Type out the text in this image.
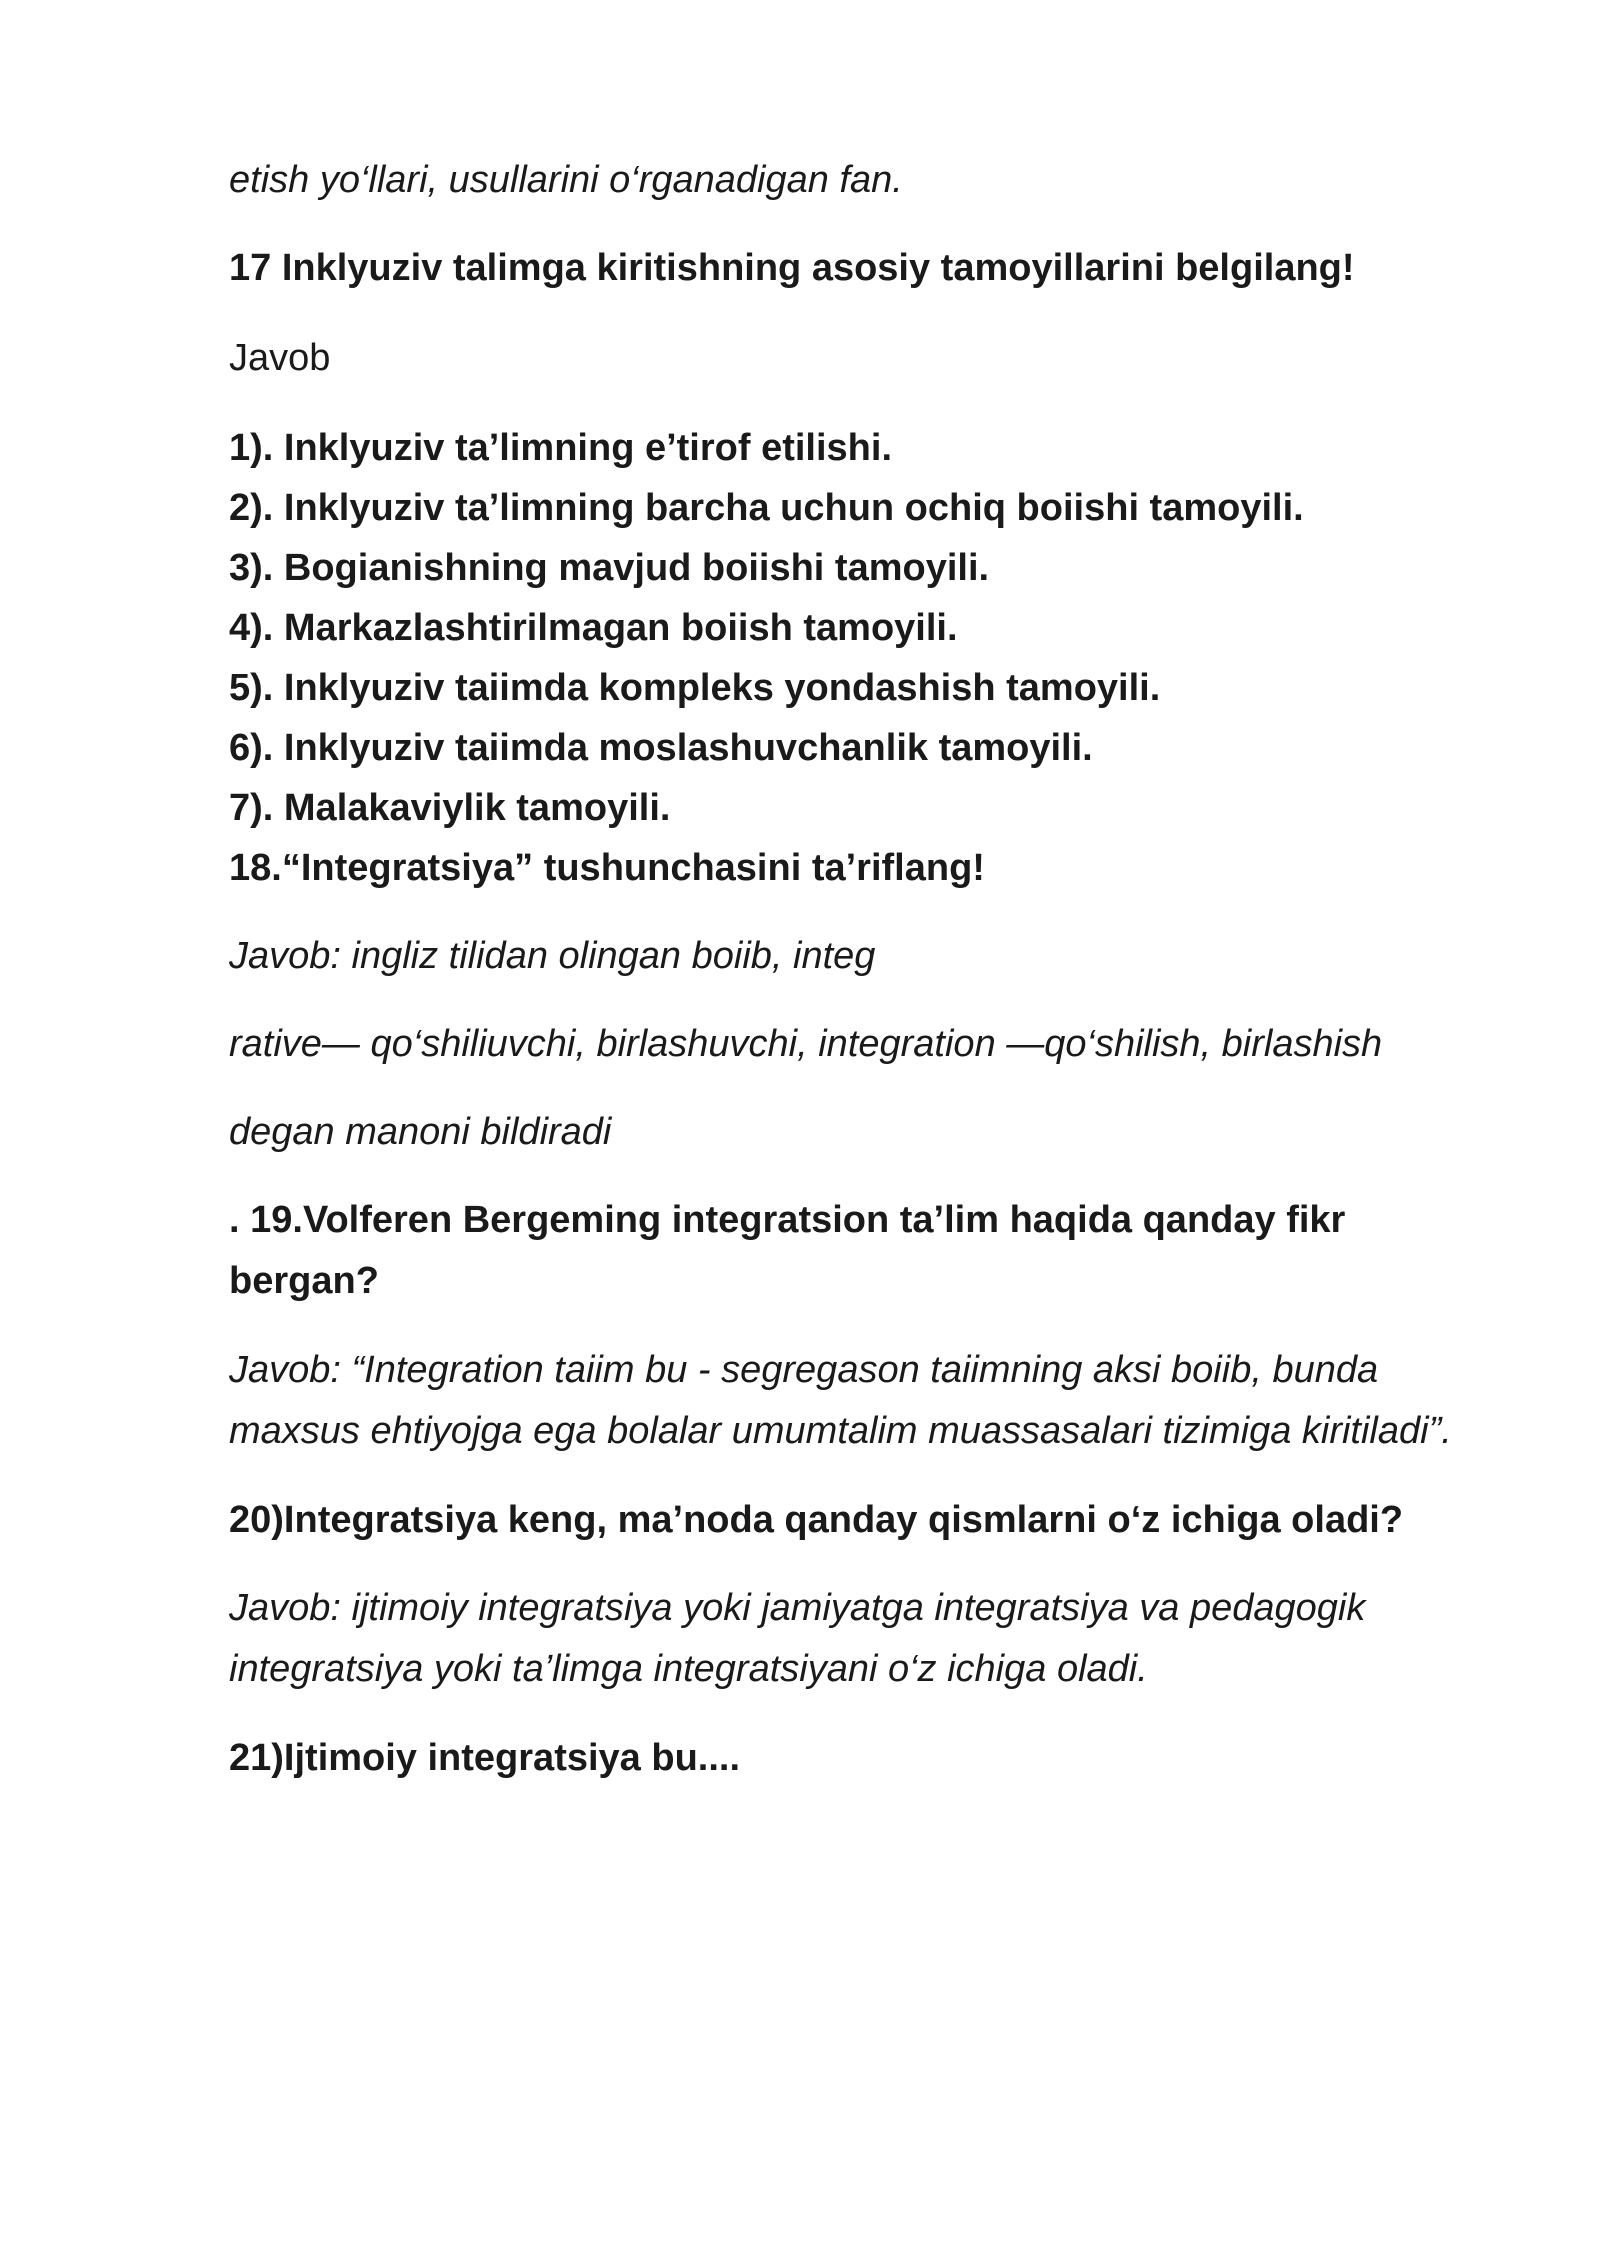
etish yo‘llari, usullarini o‘rganadigan fan.

17 Inklyuziv talimga kiritishning asosiy tamoyillarini belgilang!

Javob

1). Inklyuziv ta’limning e’tirof etilishi.

2). Inklyuziv ta’limning barcha uchun ochiq boiishi tamoyili.

3). Bogianishning mavjud boiishi tamoyili.

4). Markazlashtirilmagan boiish tamoyili.

5). Inklyuziv taiimda kompleks yondashish tamoyili.

6). Inklyuziv taiimda moslashuvchanlik tamoyili.

7). Malakaviylik tamoyili.

18.“Integratsiya” tushunchasini ta’riflang!

Javob: ingliz tilidan olingan boiib, integ

rative— qo‘shiliuvchi, birlashuvchi, integration —qo‘shilish, birlashish

degan manoni bildiradi

. 19.Volferen Bergeming integratsion ta’lim haqida qanday fikr bergan?

Javob: “Integration taiim bu - segregason taiimning aksi boiib, bunda maxsus ehtiyojga ega bolalar umumtalim muassasalari tizimiga kiritiladi”.

20)Integratsiya keng, ma’noda qanday qismlarni o‘z ichiga oladi?

Javob: ijtimoiy integratsiya yoki jamiyatga integratsiya va pedagogik integratsiya yoki ta’limga integratsiyani o‘z ichiga oladi.

21)Ijtimoiy integratsiya bu....
